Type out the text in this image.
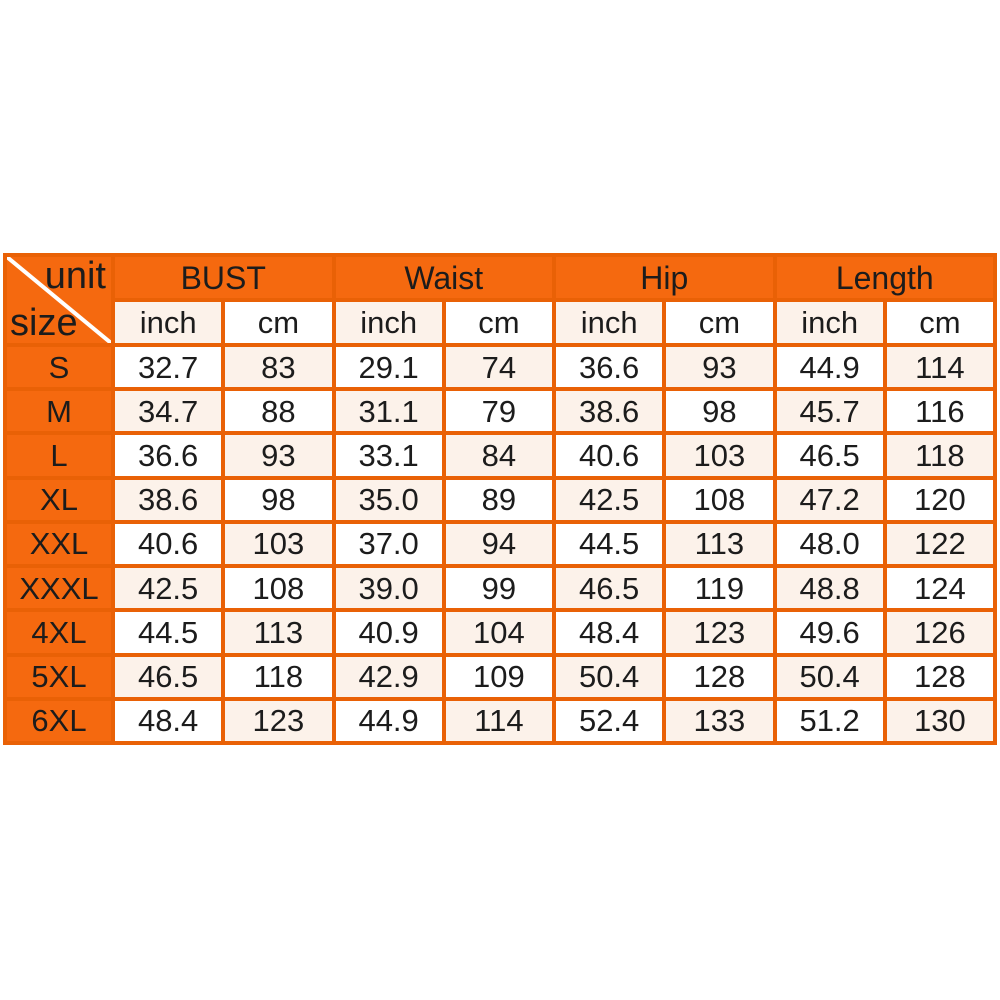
unit
size
BUST	Waist	Hip	Length
inch	cm	inch	cm	inch	cm	inch	cm
S	32.7	83	29.1	74	36.6	93	44.9	114
M	34.7	88	31.1	79	38.6	98	45.7	116
L	36.6	93	33.1	84	40.6	103	46.5	118
XL	38.6	98	35.0	89	42.5	108	47.2	120
XXL	40.6	103	37.0	94	44.5	113	48.0	122
XXXL	42.5	108	39.0	99	46.5	119	48.8	124
4XL	44.5	113	40.9	104	48.4	123	49.6	126
5XL	46.5	118	42.9	109	50.4	128	50.4	128
6XL	48.4	123	44.9	114	52.4	133	51.2	130
